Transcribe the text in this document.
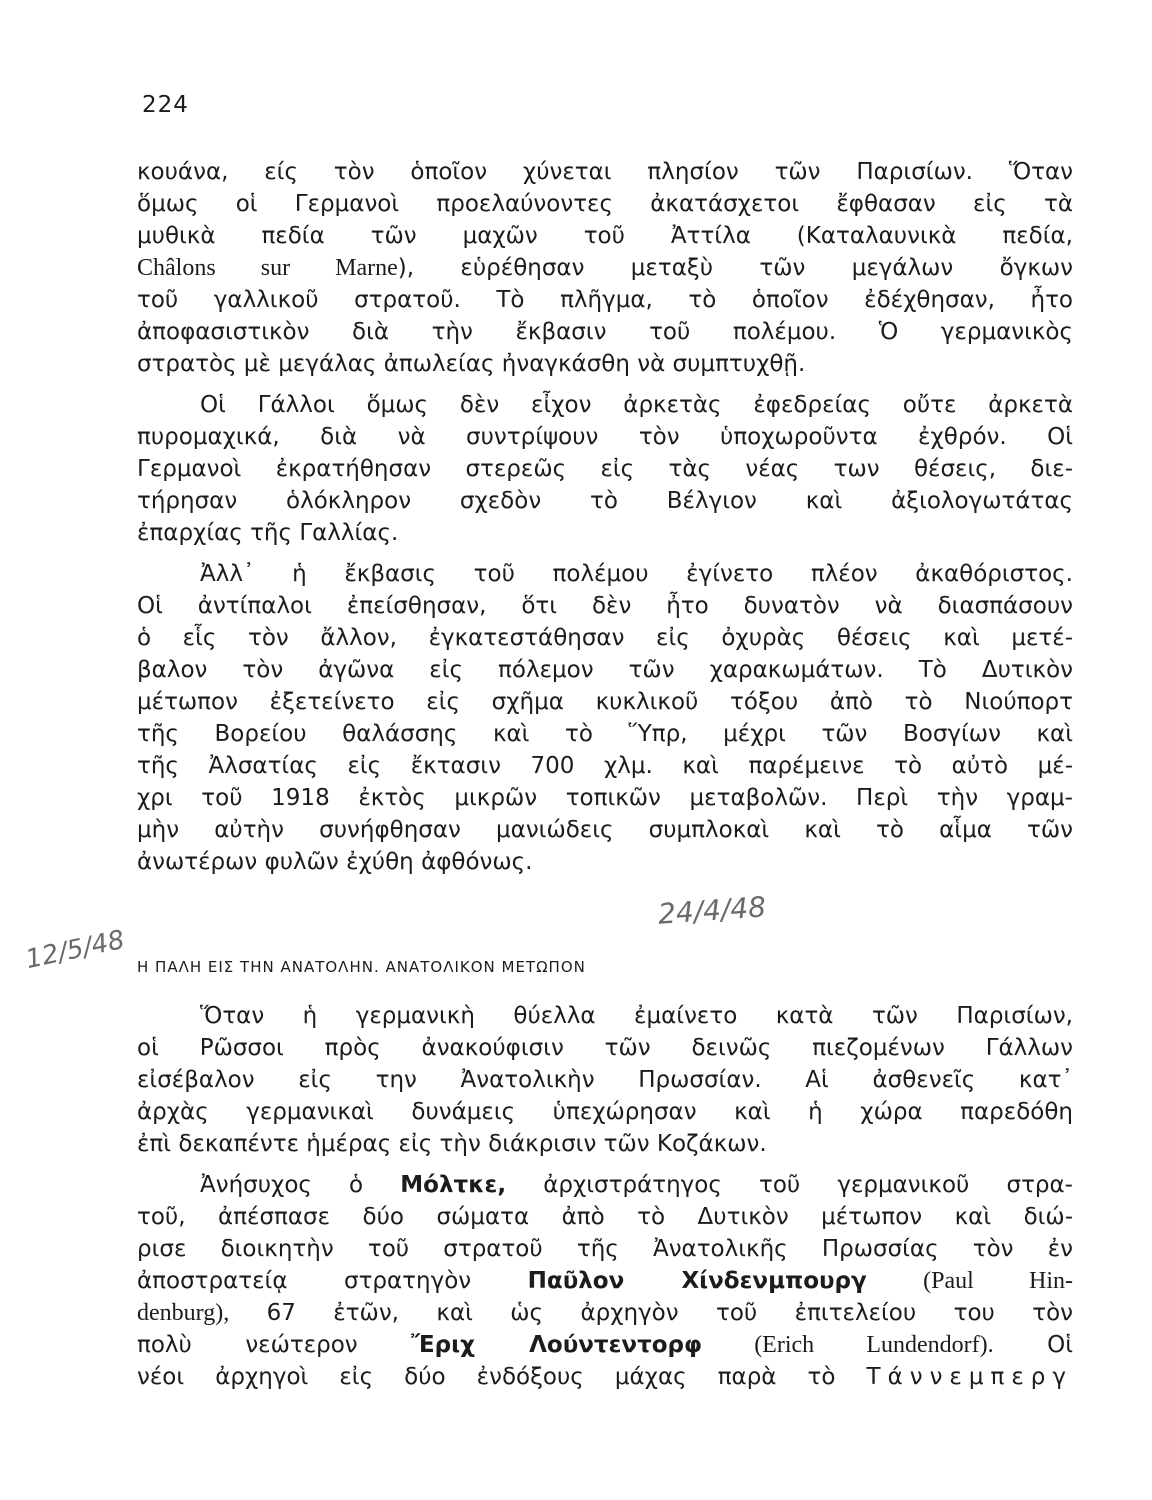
224
κουάνα, είς τὸν ὁποῖον χύνεται πλησίον τῶν Παρισίων. Ὅταν
ὅμως οἱ Γερμανοὶ προελαύνοντες ἀκατάσχετοι ἔφθασαν εἰς τὰ
μυθικὰ πεδία τῶν μαχῶν τοῦ Ἀττίλα (Καταλαυνικὰ πεδία,
Châlons sur Marne), εὑρέθησαν μεταξὺ τῶν μεγάλων ὄγκων
τοῦ γαλλικοῦ στρατοῦ. Τὸ πλῆγμα, τὸ ὁποῖον ἐδέχθησαν, ἦτο
ἀποφασιστικὸν διὰ τὴν ἔκβασιν τοῦ πολέμου. Ὁ γερμανικὸς
στρατὸς μὲ μεγάλας ἀπωλείας ἠναγκάσθη νὰ συμπτυχθῇ.
Οἱ Γάλλοι ὅμως δὲν εἶχον ἀρκετὰς ἐφεδρείας οὔτε ἀρκετὰ
πυρομαχικά, διὰ νὰ συντρίψουν τὸν ὑποχωροῦντα ἐχθρόν. Οἱ
Γερμανοὶ ἐκρατήθησαν στερεῶς εἰς τὰς νέας των θέσεις, διε-
τήρησαν ὁλόκληρον σχεδὸν τὸ Βέλγιον καὶ ἀξιολογωτάτας
ἐπαρχίας τῆς Γαλλίας.
Ἀλλ᾽ ἡ ἔκβασις τοῦ πολέμου ἐγίνετο πλέον ἀκαθόριστος.
Οἱ ἀντίπαλοι ἐπείσθησαν, ὅτι δὲν ἦτο δυνατὸν νὰ διασπάσουν
ὁ εἷς τὸν ἄλλον, ἐγκατεστάθησαν εἰς ὀχυρὰς θέσεις καὶ μετέ-
βαλον τὸν ἀγῶνα εἰς πόλεμον τῶν χαρακωμάτων. Τὸ Δυτικὸν
μέτωπον ἐξετείνετο εἰς σχῆμα κυκλικοῦ τόξου ἀπὸ τὸ Νιούπορτ
τῆς Βορείου θαλάσσης καὶ τὸ Ὕπρ, μέχρι τῶν Βοσγίων καὶ
τῆς Ἀλσατίας εἰς ἔκτασιν 700 χλμ. καὶ παρέμεινε τὸ αὐτὸ μέ-
χρι τοῦ 1918 ἐκτὸς μικρῶν τοπικῶν μεταβολῶν. Περὶ τὴν γραμ-
μὴν αὐτὴν συνήφθησαν μανιώδεις συμπλοκαὶ καὶ τὸ αἷμα τῶν
ἀνωτέρων φυλῶν ἐχύθη ἀφθόνως.
24/4/48
12/5/48 Η ΠΑΛΗ ΕΙΣ ΤΗΝ ΑΝΑΤΟΛΗΝ. ΑΝΑΤΟΛΙΚΟΝ ΜΕΤΩΠΟΝ
Ὅταν ἡ γερμανικὴ θύελλα ἐμαίνετο κατὰ τῶν Παρισίων,
οἱ Ρῶσσοι πρὸς ἀνακούφισιν τῶν δεινῶς πιεζομένων Γάλλων
εἰσέβαλον εἰς την Ἀνατολικὴν Πρωσσίαν. Αἱ ἀσθενεῖς κατ᾽
ἀρχὰς γερμανικαὶ δυνάμεις ὑπεχώρησαν καὶ ἡ χώρα παρεδόθη
ἐπὶ δεκαπέντε ἡμέρας εἰς τὴν διάκρισιν τῶν Κοζάκων.
Ἀνήσυχος ὁ Μόλτκε, ἀρχιστράτηγος τοῦ γερμανικοῦ στρα-
τοῦ, ἀπέσπασε δύο σώματα ἀπὸ τὸ Δυτικὸν μέτωπον καὶ διώ-
ρισε διοικητὴν τοῦ στρατοῦ τῆς Ἀνατολικῆς Πρωσσίας τὸν ἐν
ἀποστρατείᾳ στρατηγὸν Παῦλον Χίνδενμπουργ (Paul Hin-
denburg), 67 ἐτῶν, καὶ ὡς ἀρχηγὸν τοῦ ἐπιτελείου του τὸν
πολὺ νεώτερον Ἔριχ Λούντεντορφ (Erich Lundendorf). Οἱ
νέοι ἀρχηγοὶ εἰς δύο ἐνδόξους μάχας παρὰ τὸ Τάννεμπεργ
